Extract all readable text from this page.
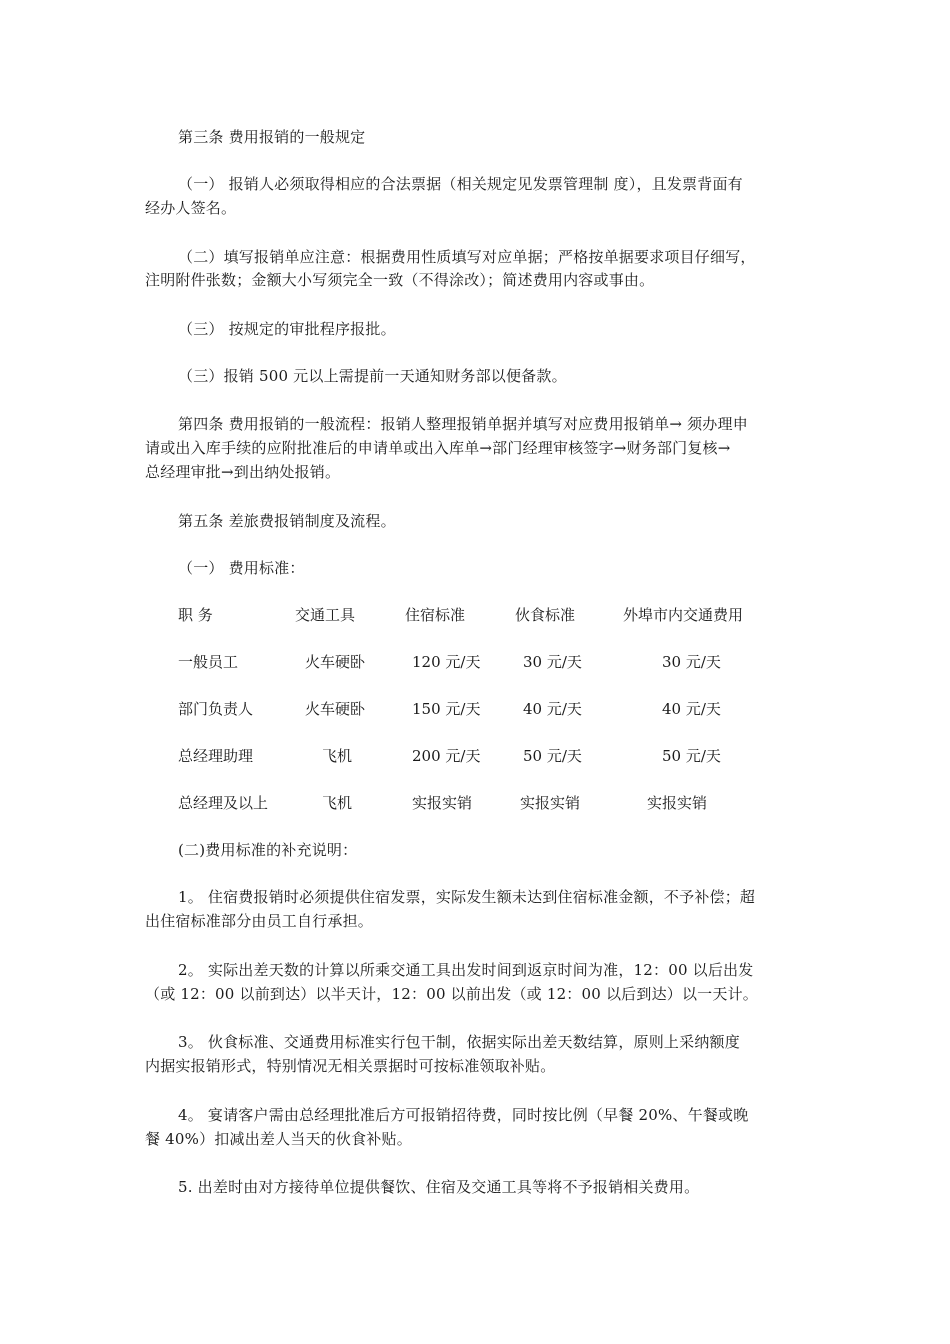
第三条 费用报销的一般规定
（一） 报销人必须取得相应的合法票据（相关规定见发票管理制 度），且发票背面有
经办人签名。
（二）填写报销单应注意：根据费用性质填写对应单据；严格按单据要求项目仔细写，
注明附件张数；金额大小写须完全一致（不得涂改）；简述费用内容或事由。
（三） 按规定的审批程序报批。
（三）报销 500 元以上需提前一天通知财务部以便备款。
第四条 费用报销的一般流程：报销人整理报销单据并填写对应费用报销单→ 须办理申
请或出入库手续的应附批准后的申请单或出入库单→部门经理审核签字→财务部门复核→
总经理审批→到出纳处报销。
第五条 差旅费报销制度及流程。
（一） 费用标准：
职 务	交通工具	住宿标准	伙食标准	外埠市内交通费用
一般员工	火车硬卧	120 元/天	30 元/天	30 元/天
部门负责人	火车硬卧	150 元/天	40 元/天	40 元/天
总经理助理	飞机	200 元/天	50 元/天	50 元/天
总经理及以上	飞机	实报实销	实报实销	实报实销
(二)费用标准的补充说明：
1。 住宿费报销时必须提供住宿发票，实际发生额未达到住宿标准金额，不予补偿；超
出住宿标准部分由员工自行承担。
2。 实际出差天数的计算以所乘交通工具出发时间到返京时间为准，12：00 以后出发
（或 12：00 以前到达）以半天计，12：00 以前出发（或 12：00 以后到达）以一天计。
3。 伙食标准、交通费用标准实行包干制，依据实际出差天数结算，原则上采纳额度
内据实报销形式，特别情况无相关票据时可按标准领取补贴。
4。 宴请客户需由总经理批准后方可报销招待费，同时按比例（早餐 20%、午餐或晚
餐 40%）扣减出差人当天的伙食补贴。
5. 出差时由对方接待单位提供餐饮、住宿及交通工具等将不予报销相关费用。
